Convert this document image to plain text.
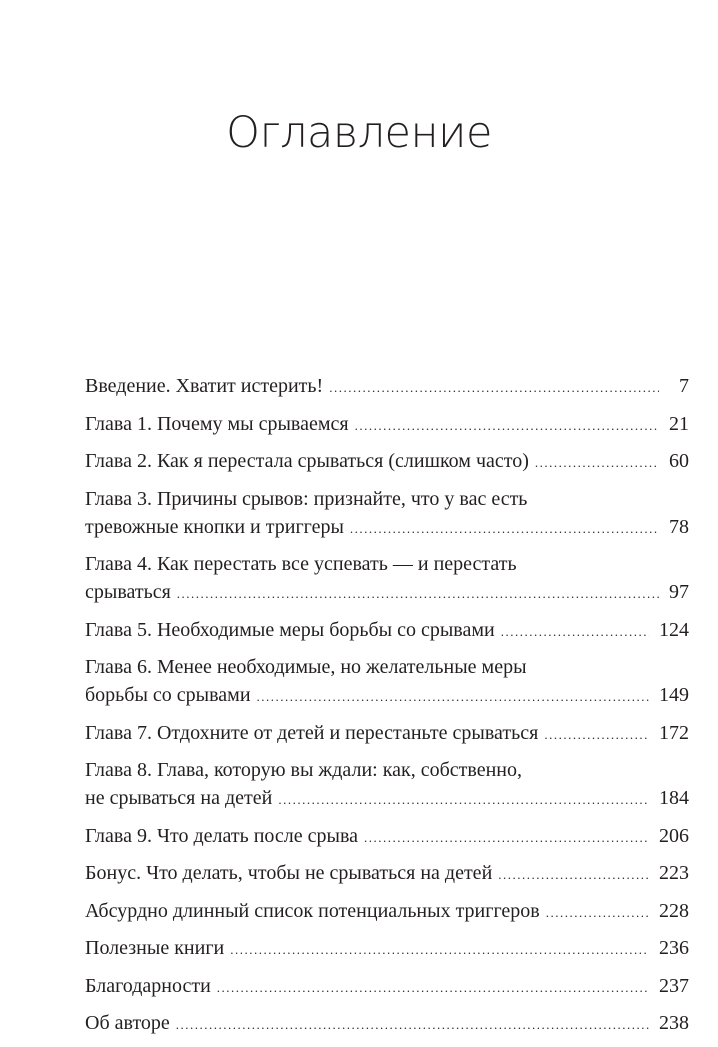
Оглавление
Введение. Хватит истерить! .....	7
Глава 1. Почему мы срываемся .....	21
Глава 2. Как я перестала срываться (слишком часто) .....	60
Глава 3. Причины срывов: признайте, что у вас есть
тревожные кнопки и триггеры .....	78
Глава 4. Как перестать все успевать — и перестать
срываться .....	97
Глава 5. Необходимые меры борьбы со срывами .....	124
Глава 6. Менее необходимые, но желательные меры
борьбы со срывами .....	149
Глава 7. Отдохните от детей и перестаньте срываться .....	172
Глава 8. Глава, которую вы ждали: как, собственно,
не срываться на детей .....	184
Глава 9. Что делать после срыва .....	206
Бонус. Что делать, чтобы не срываться на детей .....	223
Абсурдно длинный список потенциальных триггеров .....	228
Полезные книги .....	236
Благодарности .....	237
Об авторе .....	238
